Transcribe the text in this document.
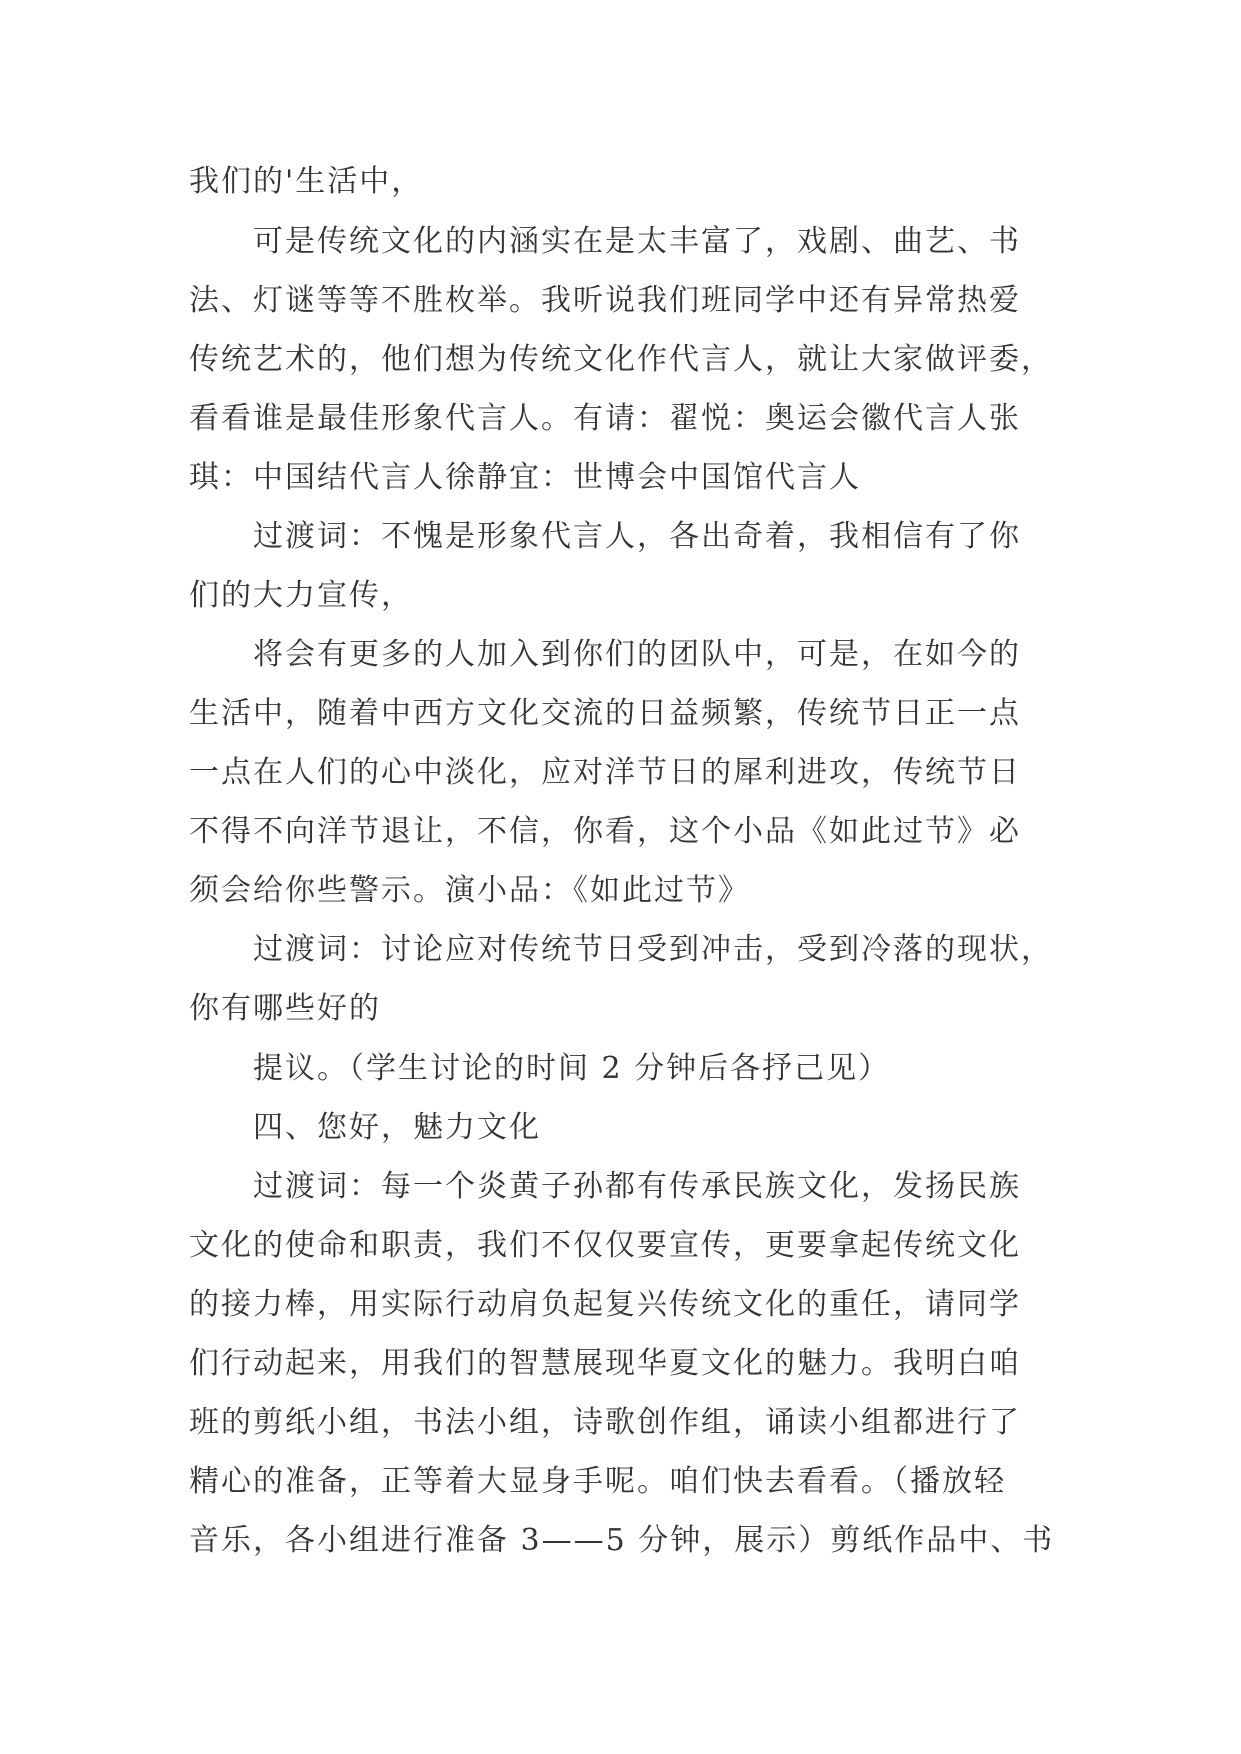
我们的'生活中，

可是传统文化的内涵实在是太丰富了，戏剧、曲艺、书

法、灯谜等等不胜枚举。我听说我们班同学中还有异常热爱

传统艺术的，他们想为传统文化作代言人，就让大家做评委，

看看谁是最佳形象代言人。有请：翟悦：奥运会徽代言人张

琪：中国结代言人徐静宜：世博会中国馆代言人

过渡词：不愧是形象代言人，各出奇着，我相信有了你

们的大力宣传，

将会有更多的人加入到你们的团队中，可是，在如今的

生活中，随着中西方文化交流的日益频繁，传统节日正一点

一点在人们的心中淡化，应对洋节日的犀利进攻，传统节日

不得不向洋节退让，不信，你看，这个小品《如此过节》必

须会给你些警示。演小品：《如此过节》

过渡词：讨论应对传统节日受到冲击，受到冷落的现状，

你有哪些好的

提议。（学生讨论的时间 2 分钟后各抒己见）

四、您好，魅力文化

过渡词：每一个炎黄子孙都有传承民族文化，发扬民族

文化的使命和职责，我们不仅仅要宣传，更要拿起传统文化

的接力棒，用实际行动肩负起复兴传统文化的重任，请同学

们行动起来，用我们的智慧展现华夏文化的魅力。我明白咱

班的剪纸小组，书法小组，诗歌创作组，诵读小组都进行了

精心的准备，正等着大显身手呢。咱们快去看看。（播放轻

音乐，各小组进行准备 3——5 分钟，展示）剪纸作品中、书
